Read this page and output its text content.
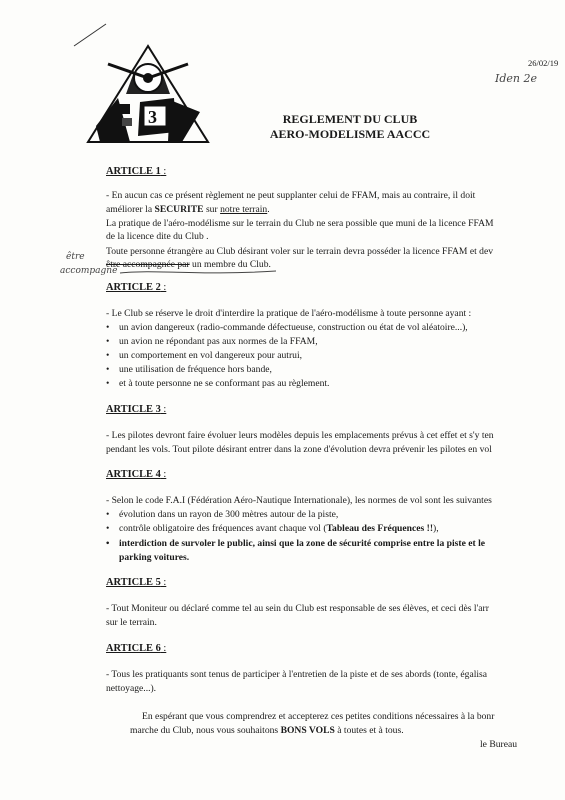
3
26/02/19
Iden 2e
REGLEMENT DU CLUB
AERO-MODELISME AACCC
ARTICLE 1 :
- En aucun cas ce présent règlement ne peut supplanter celui de FFAM, mais au contraire, il doit
améliorer la SECURITE sur notre terrain.
La pratique de l'aéro-modélisme sur le terrain du Club ne sera possible que muni de la licence FFAM
de la licence dite du Club .
Toute personne étrangère au Club désirant voler sur le terrain devra posséder la licence FFAM et dev
être accompagnée par un membre du Club.
être
accompagné
ARTICLE 2 :
- Le Club se réserve le droit d'interdire la pratique de l'aéro-modélisme à toute personne ayant :
• un avion dangereux (radio-commande défectueuse, construction ou état de vol aléatoire...),
• un avion ne répondant pas aux normes de la FFAM,
• un comportement en vol dangereux pour autrui,
• une utilisation de fréquence hors bande,
• et à toute personne ne se conformant pas au règlement.
ARTICLE 3 :
- Les pilotes devront faire évoluer leurs modèles depuis les emplacements prévus à cet effet et s'y ten
pendant les vols. Tout pilote désirant entrer dans la zone d'évolution devra prévenir les pilotes en vol
ARTICLE 4 :
- Selon le code F.A.I (Fédération Aéro-Nautique Internationale), les normes de vol sont les suivantes
• évolution dans un rayon de 300 mètres autour de la piste,
• contrôle obligatoire des fréquences avant chaque vol (Tableau des Fréquences !!),
• interdiction de survoler le public, ainsi que la zone de sécurité comprise entre la piste et le
parking voitures.
ARTICLE 5 :
- Tout Moniteur ou déclaré comme tel au sein du Club est responsable de ses élèves, et ceci dès l'arr
sur le terrain.
ARTICLE 6 :
- Tous les pratiquants sont tenus de participer à l'entretien de la piste et de ses abords (tonte, égalisa
nettoyage...).
En espérant que vous comprendrez et accepterez ces petites conditions nécessaires à la bonr
marche du Club, nous vous souhaitons BONS VOLS à toutes et à tous.
le Bureau
